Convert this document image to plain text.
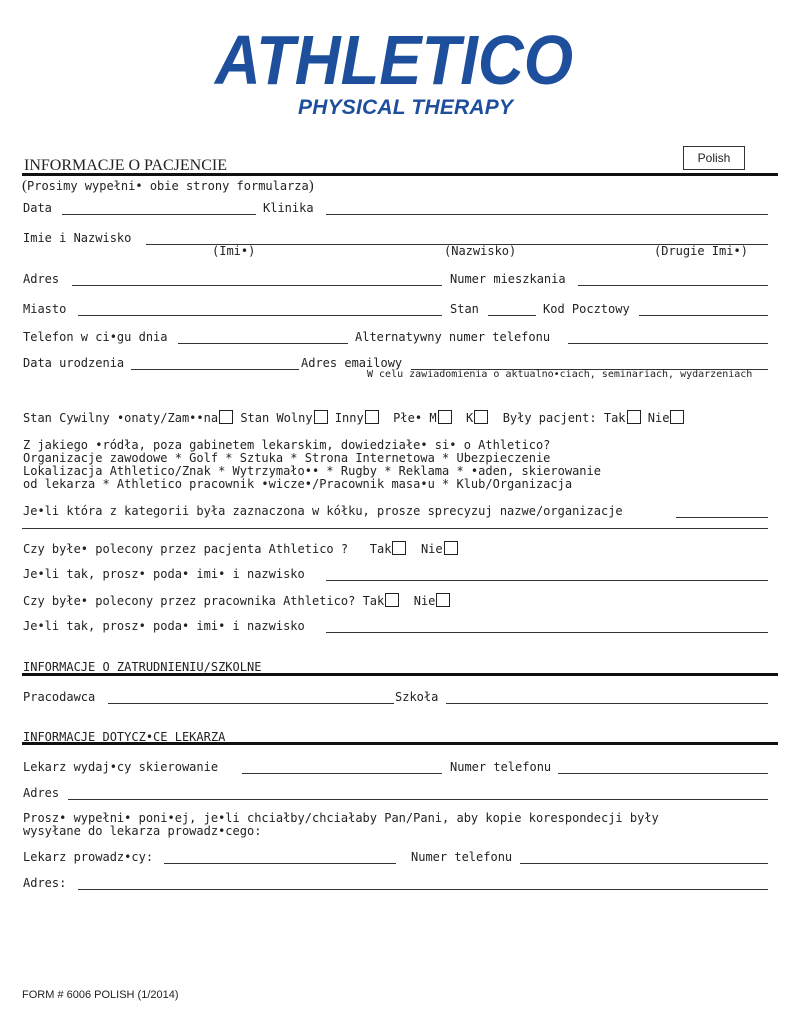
ATHLETICO
PHYSICAL THERAPY
Polish
INFORMACJE O PACJENCIE
(Prosimy wypełni• obie strony formularza)
Data	Klinika
Imie i Nazwisko
(Imi•)	(Nazwisko)	(Drugie Imi•)
Adres	Numer mieszkania
Miasto	Stan	Kod Pocztowy
Telefon w ci•gu dnia	Alternatywny numer telefonu
Data urodzenia	Adres emailowy
W celu zawiadomienia o aktualno•ciach, seminariach, wydarzeniach
Stan Cywilny •onaty/Zam••na Stan Wolny Inny Płe• M K Były pacjent: Tak Nie
Z jakiego •ródła, poza gabinetem lekarskim, dowiedziałe• si• o Athletico?
Organizacje zawodowe * Golf * Sztuka * Strona Internetowa * Ubezpieczenie
Lokalizacja Athletico/Znak * Wytrzymało•• * Rugby * Reklama * •aden, skierowanie
od lekarza * Athletico pracownik •wicze•/Pracownik masa•u * Klub/Organizacja
Je•li która z kategorii była zaznaczona w kółku, prosze sprecyzuj nazwe/organizacje
Czy byłe• polecony przez pacjenta Athletico ? Tak Nie
Je•li tak, prosz• poda• imi• i nazwisko
Czy byłe• polecony przez pracownika Athletico? Tak Nie
Je•li tak, prosz• poda• imi• i nazwisko
INFORMACJE O ZATRUDNIENIU/SZKOLNE
Pracodawca	Szkoła
INFORMACJE DOTYCZ•CE LEKARZA
Lekarz wydaj•cy skierowanie	Numer telefonu
Adres
Prosz• wypełni• poni•ej, je•li chciałby/chciałaby Pan/Pani, aby kopie korespondecji były
wysyłane do lekarza prowadz•cego:
Lekarz prowadz•cy:	Numer telefonu
Adres:
FORM # 6006 POLISH (1/2014)
